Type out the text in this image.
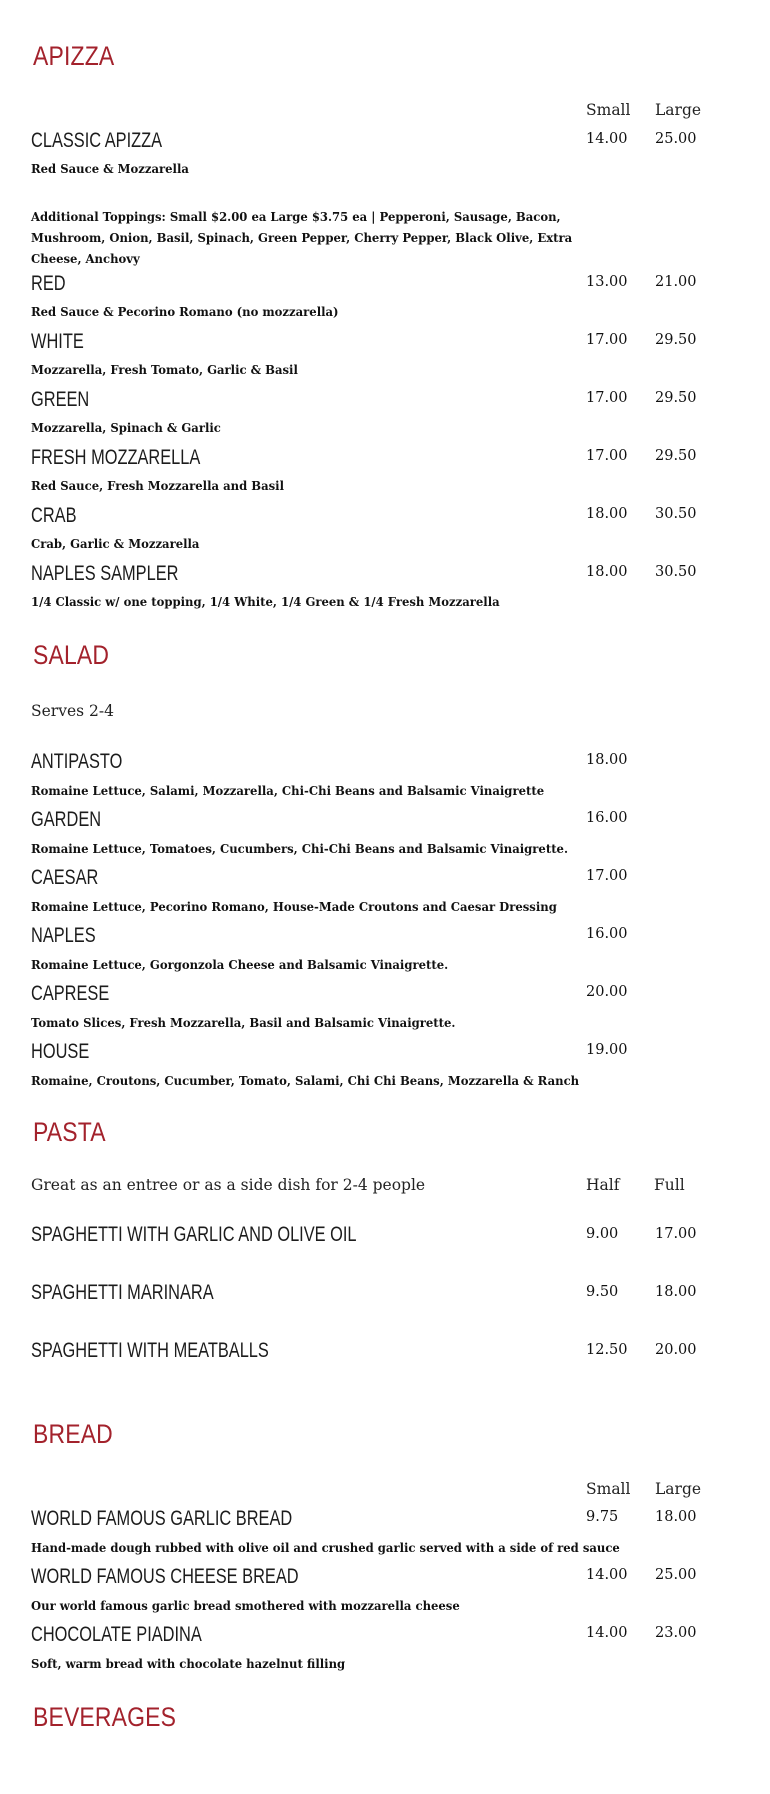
APIZZA
Small Large
CLASSIC APIZZA	14.00 25.00
Red Sauce & Mozzarella
Additional Toppings: Small $2.00 ea Large $3.75 ea | Pepperoni, Sausage, Bacon, Mushroom, Onion, Basil, Spinach, Green Pepper, Cherry Pepper, Black Olive, Extra Cheese, Anchovy
RED	13.00 21.00
Red Sauce & Pecorino Romano (no mozzarella)
WHITE	17.00 29.50
Mozzarella, Fresh Tomato, Garlic & Basil
GREEN	17.00 29.50
Mozzarella, Spinach & Garlic
FRESH MOZZARELLA	17.00 29.50
Red Sauce, Fresh Mozzarella and Basil
CRAB	18.00 30.50
Crab, Garlic & Mozzarella
NAPLES SAMPLER	18.00 30.50
1/4 Classic w/ one topping, 1/4 White, 1/4 Green & 1/4 Fresh Mozzarella
SALAD
Serves 2-4
ANTIPASTO	18.00
Romaine Lettuce, Salami, Mozzarella, Chi-Chi Beans and Balsamic Vinaigrette
GARDEN	16.00
Romaine Lettuce, Tomatoes, Cucumbers, Chi-Chi Beans and Balsamic Vinaigrette.
CAESAR	17.00
Romaine Lettuce, Pecorino Romano, House-Made Croutons and Caesar Dressing
NAPLES	16.00
Romaine Lettuce, Gorgonzola Cheese and Balsamic Vinaigrette.
CAPRESE	20.00
Tomato Slices, Fresh Mozzarella, Basil and Balsamic Vinaigrette.
HOUSE	19.00
Romaine, Croutons, Cucumber, Tomato, Salami, Chi Chi Beans, Mozzarella & Ranch
PASTA
Great as an entree or as a side dish for 2-4 people	Half Full
SPAGHETTI WITH GARLIC AND OLIVE OIL	9.00	17.00
SPAGHETTI MARINARA	9.50	18.00
SPAGHETTI WITH MEATBALLS	12.50 20.00
BREAD
Small Large
WORLD FAMOUS GARLIC BREAD	9.75	18.00
Hand-made dough rubbed with olive oil and crushed garlic served with a side of red sauce
WORLD FAMOUS CHEESE BREAD	14.00 25.00
Our world famous garlic bread smothered with mozzarella cheese
CHOCOLATE PIADINA	14.00 23.00
Soft, warm bread with chocolate hazelnut filling
BEVERAGES
